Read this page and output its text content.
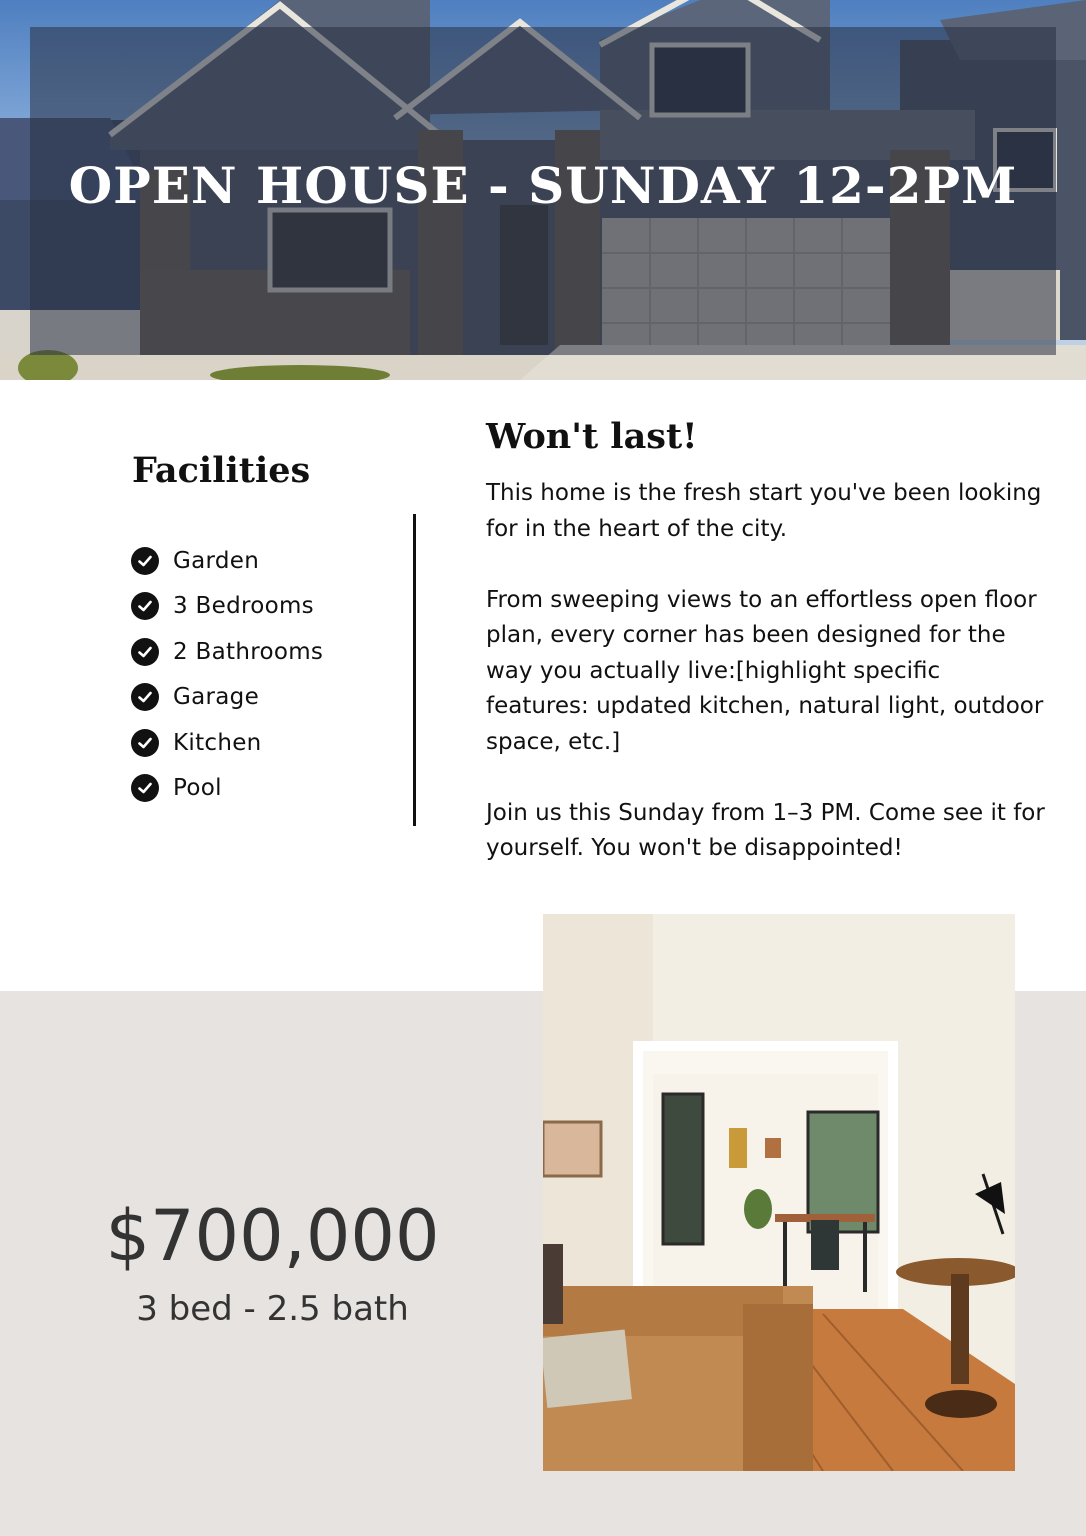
OPEN HOUSE - SUNDAY 12-2PM
Facilities
Garden
3 Bedrooms
2 Bathrooms
Garage
Kitchen
Pool
Won't last!

This home is the fresh start you've been looking for in the heart of the city.

From sweeping views to an effortless open floor plan, every corner has been designed for the way you actually live:[highlight specific features: updated kitchen, natural light, outdoor space, etc.]

Join us this Sunday from 1–3 PM. Come see it for yourself. You won't be disappointed!

$700,000
3 bed - 2.5 bath
